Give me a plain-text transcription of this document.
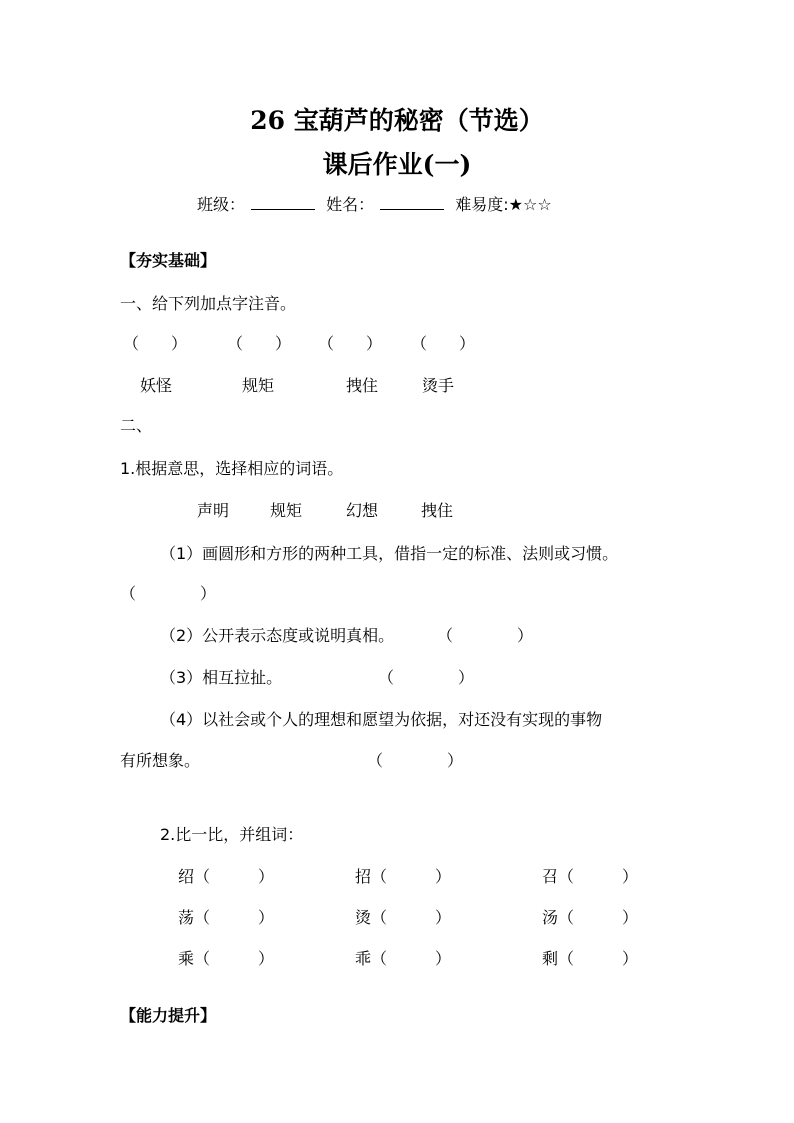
26 宝葫芦的秘密（节选）
课后作业(一)
班级：	姓名：	难易度:★☆☆
【夯实基础】
一、给下列加点字注音。
（　　） （　　） （　　） （　　）
妖怪	规矩	拽住	烫手
二、
1.根据意思，选择相应的词语。
声明	规矩	幻想	拽住
（1）画圆形和方形的两种工具，借指一定的标准、法则或习惯。
（　　　　）
（2）公开表示态度或说明真相。	（　　　　）
（3）相互拉扯。	（　　　　）
（4）以社会或个人的理想和愿望为依据，对还没有实现的事物
有所想象。	（　　　　）
2.比一比，并组词：
绍（　　　）	招（　　　）	召（　　　）
荡（　　　）	烫（　　　）	汤（　　　）
乘（　　　）	乖（　　　）	剩（　　　）
【能力提升】
